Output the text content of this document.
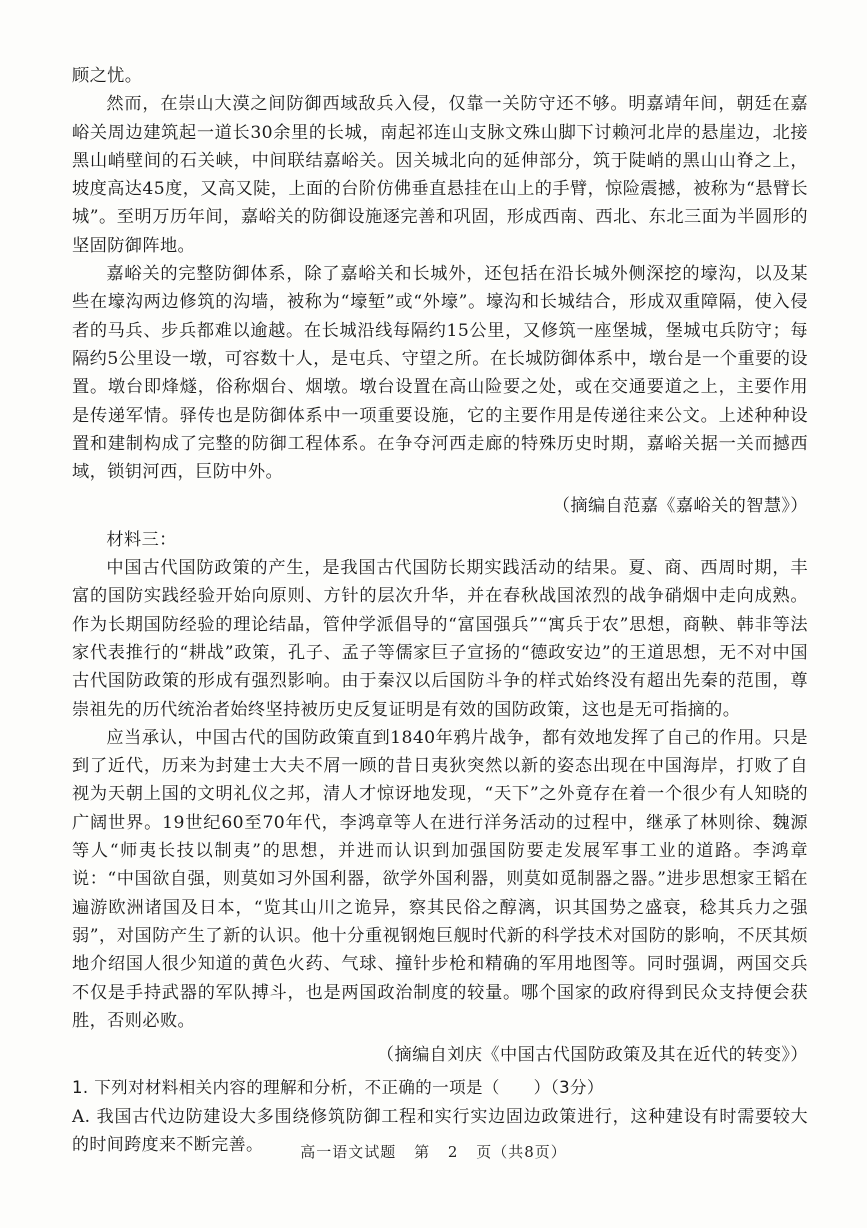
顾之忧。

然而，在崇山大漠之间防御西域敌兵入侵，仅靠一关防守还不够。明嘉靖年间，朝廷在嘉峪关周边建筑起一道长30余里的长城，南起祁连山支脉文殊山脚下讨赖河北岸的悬崖边，北接黑山峭壁间的石关峡，中间联结嘉峪关。因关城北向的延伸部分，筑于陡峭的黑山山脊之上，坡度高达45度，又高又陡，上面的台阶仿佛垂直悬挂在山上的手臂，惊险震撼，被称为“悬臂长城”。至明万历年间，嘉峪关的防御设施逐完善和巩固，形成西南、西北、东北三面为半圆形的坚固防御阵地。

嘉峪关的完整防御体系，除了嘉峪关和长城外，还包括在沿长城外侧深挖的壕沟，以及某些在壕沟两边修筑的沟墙，被称为“壕堑”或“外壕”。壕沟和长城结合，形成双重障隔，使入侵者的马兵、步兵都难以逾越。在长城沿线每隔约15公里，又修筑一座堡城，堡城屯兵防守；每隔约5公里设一墩，可容数十人，是屯兵、守望之所。在长城防御体系中，墩台是一个重要的设置。墩台即烽燧，俗称烟台、烟墩。墩台设置在高山险要之处，或在交通要道之上，主要作用是传递军情。驿传也是防御体系中一项重要设施，它的主要作用是传递往来公文。上述种种设置和建制构成了完整的防御工程体系。在争夺河西走廊的特殊历史时期，嘉峪关据一关而撼西域，锁钥河西，巨防中外。

（摘编自范嘉《嘉峪关的智慧》）

材料三：

中国古代国防政策的产生，是我国古代国防长期实践活动的结果。夏、商、西周时期，丰富的国防实践经验开始向原则、方针的层次升华，并在春秋战国浓烈的战争硝烟中走向成熟。作为长期国防经验的理论结晶，管仲学派倡导的“富国强兵”“寓兵于农”思想，商鞅、韩非等法家代表推行的“耕战”政策，孔子、孟子等儒家巨子宣扬的“德政安边”的王道思想，无不对中国古代国防政策的形成有强烈影响。由于秦汉以后国防斗争的样式始终没有超出先秦的范围，尊崇祖先的历代统治者始终坚持被历史反复证明是有效的国防政策，这也是无可指摘的。

应当承认，中国古代的国防政策直到1840年鸦片战争，都有效地发挥了自己的作用。只是到了近代，历来为封建士大夫不屑一顾的昔日夷狄突然以新的姿态出现在中国海岸，打败了自视为天朝上国的文明礼仪之邦，清人才惊讶地发现，“天下”之外竟存在着一个很少有人知晓的广阔世界。19世纪60至70年代，李鸿章等人在进行洋务活动的过程中，继承了林则徐、魏源等人“师夷长技以制夷”的思想，并进而认识到加强国防要走发展军事工业的道路。李鸿章说：“中国欲自强，则莫如习外国利器，欲学外国利器，则莫如觅制器之器。”进步思想家王韬在遍游欧洲诸国及日本，“览其山川之诡异，察其民俗之醇漓，识其国势之盛衰，稔其兵力之强弱”，对国防产生了新的认识。他十分重视钢炮巨舰时代新的科学技术对国防的影响，不厌其烦地介绍国人很少知道的黄色火药、气球、撞针步枪和精确的军用地图等。同时强调，两国交兵不仅是手持武器的军队搏斗，也是两国政治制度的较量。哪个国家的政府得到民众支持便会获胜，否则必败。

（摘编自刘庆《中国古代国防政策及其在近代的转变》）

1. 下列对材料相关内容的理解和分析，不正确的一项是（　　）（3分）

A. 我国古代边防建设大多围绕修筑防御工程和实行实边固边政策进行，这种建设有时需要较大的时间跨度来不断完善。	高一语文试题 第 2 页（共8页）
